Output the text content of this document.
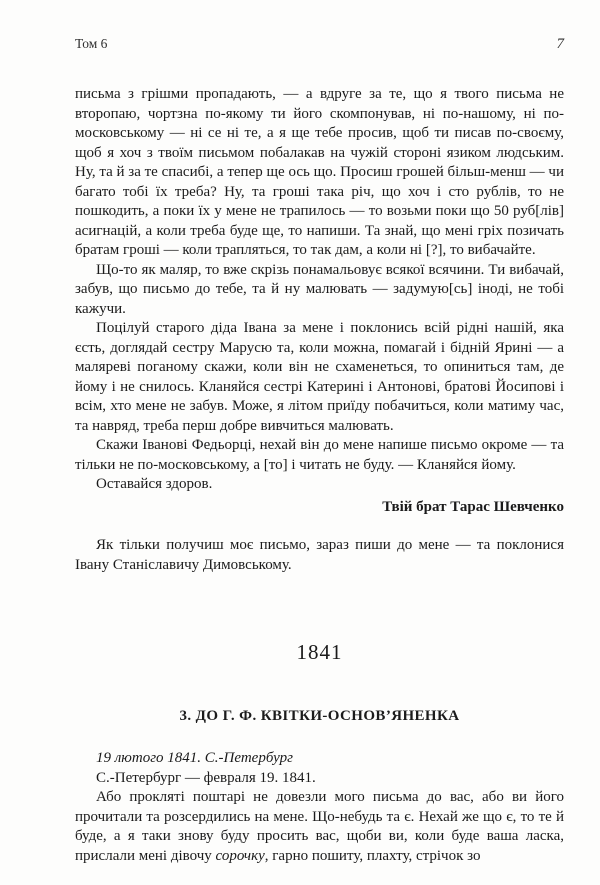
Том 6	7

письма з грішми пропадають, — а вдруге за те, що я твого письма не второпаю, чортзна по-якому ти його скомпонував, ні по-нашому, ні по-московському — ні се ні те, а я ще тебе просив, щоб ти писав по-своєму, щоб я хоч з твоїм письмом побалакав на чужій стороні язиком людським. Ну, та й за те спасибі, а тепер ще ось що. Просиш грошей більш-менш — чи багато тобі їх треба? Ну, та гроші така річ, що хоч і сто рублів, то не пошкодить, а поки їх у мене не трапилось — то возьми поки що 50 руб[лів] асигнацій, а коли треба буде ще, то напиши. Та знай, що мені гріх позичать братам гроші — коли трапляться, то так дам, а коли ні [?], то вибачайте.

Що-то як маляр, то вже скрізь понамальовує всякої всячини. Ти вибачай, забув, що письмо до тебе, та й ну малювать — задумую[сь] іноді, не тобі кажучи.

Поцілуй старого діда Івана за мене і поклонись всій рідні нашій, яка єсть, доглядай сестру Марусю та, коли можна, помагай і бідній Ярині — а маляреві поганому скажи, коли він не схаменеться, то опиниться там, де йому і не снилось. Кланяйся сестрі Катерині і Антонові, братові Йосипові і всім, хто мене не забув. Може, я літом приїду побачиться, коли матиму час, та навряд, треба перш добре вивчиться малювать.

Скажи Іванові Федьорці, нехай він до мене напише письмо окроме — та тільки не по-московському, а [то] і читать не буду. — Кланяйся йому.

Оставайся здоров.

Твій брат Тарас Шевченко

Як тільки получиш моє письмо, зараз пиши до мене — та поклонися Івану Станіславичу Димовському.

1841
3. ДО Г. Ф. КВІТКИ-ОСНОВ’ЯНЕНКА

19 лютого 1841. С.-Петербург

С.-Петербург — февраля 19. 1841.

Або прокляті поштарі не довезли мого письма до вас, або ви його прочитали та розсердились на мене. Що-небудь та є. Нехай же що є, то те й буде, а я таки знову буду просить вас, щоби ви, коли буде ваша ласка, прислали мені дівочу сорочку, гарно пошиту, плахту, стрічок зо
